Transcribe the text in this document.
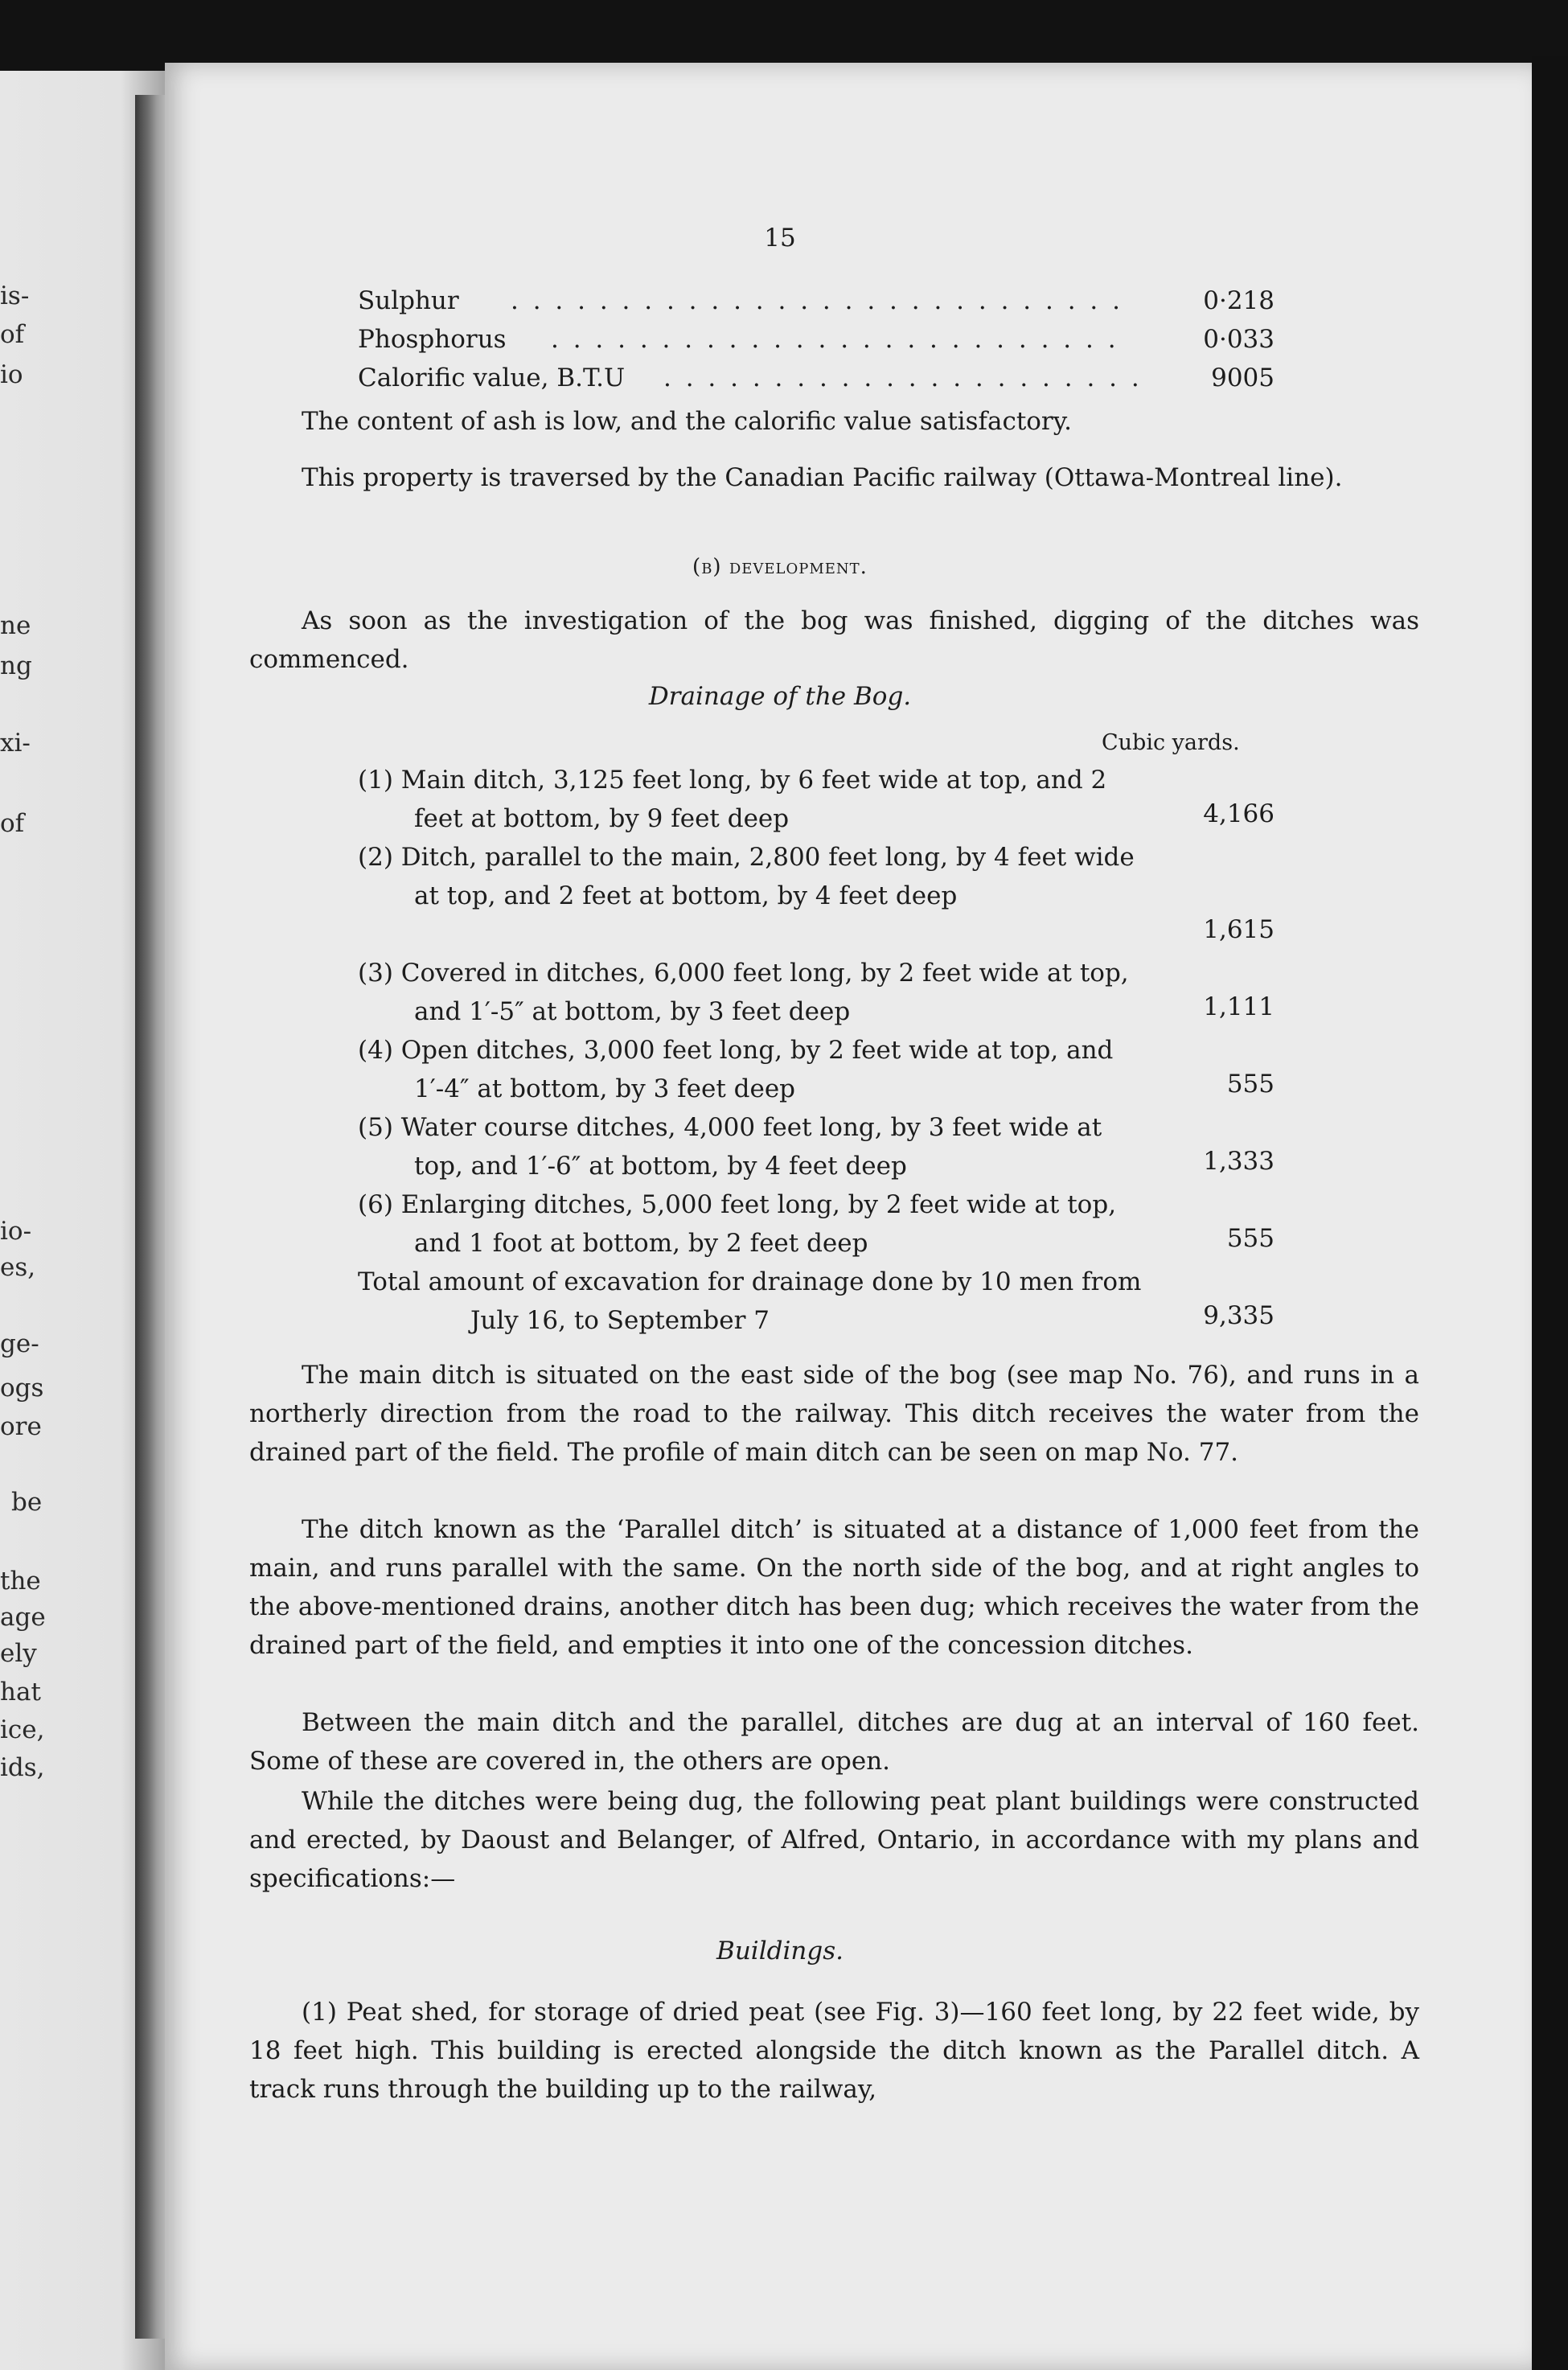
is-
of
io
ne
ng
xi-
of
io-
es,
ge-
ogs
ore
be
the
age
ely
hat
ice,
ids,
15
Sulphur . . . . . . . . . . . . . . . . . . . . . . . . . . . .	0·218
Phosphorus . . . . . . . . . . . . . . . . . . . . . . . . . .	0·033
Calorific value, B.T.U . . . . . . . . . . . . . . . . . . . . . .	9005
The content of ash is low, and the calorific value satisfactory.
This property is traversed by the Canadian Pacific railway (Ottawa-Montreal line).
(b) development.
As soon as the investigation of the bog was finished, digging of the ditches was commenced.
Drainage of the Bog.
Cubic yards.
(1) Main ditch, 3,125 feet long, by 6 feet wide at top, and 2 feet at bottom, by 9 feet deep	4,166
(2) Ditch, parallel to the main, 2,800 feet long, by 4 feet wide at top, and 2 feet at bottom, by 4 feet deep
1,615
(3) Covered in ditches, 6,000 feet long, by 2 feet wide at top, and 1′-5″ at bottom, by 3 feet deep	1,111
(4) Open ditches, 3,000 feet long, by 2 feet wide at top, and 1′-4″ at bottom, by 3 feet deep	555
(5) Water course ditches, 4,000 feet long, by 3 feet wide at top, and 1′-6″ at bottom, by 4 feet deep	1,333
(6) Enlarging ditches, 5,000 feet long, by 2 feet wide at top, and 1 foot at bottom, by 2 feet deep	555
Total amount of excavation for drainage done by 10 men from July 16, to September 7	9,335
The main ditch is situated on the east side of the bog (see map No. 76), and runs in a northerly direction from the road to the railway. This ditch receives the water from the drained part of the field. The profile of main ditch can be seen on map No. 77.
The ditch known as the ‘Parallel ditch’ is situated at a distance of 1,000 feet from the main, and runs parallel with the same. On the north side of the bog, and at right angles to the above-mentioned drains, another ditch has been dug; which receives the water from the drained part of the field, and empties it into one of the concession ditches.
Between the main ditch and the parallel, ditches are dug at an interval of 160 feet. Some of these are covered in, the others are open.
While the ditches were being dug, the following peat plant buildings were constructed and erected, by Daoust and Belanger, of Alfred, Ontario, in accordance with my plans and specifications:—
Buildings.
(1) Peat shed, for storage of dried peat (see Fig. 3)—160 feet long, by 22 feet wide, by 18 feet high. This building is erected alongside the ditch known as the Parallel ditch. A track runs through the building up to the railway,
